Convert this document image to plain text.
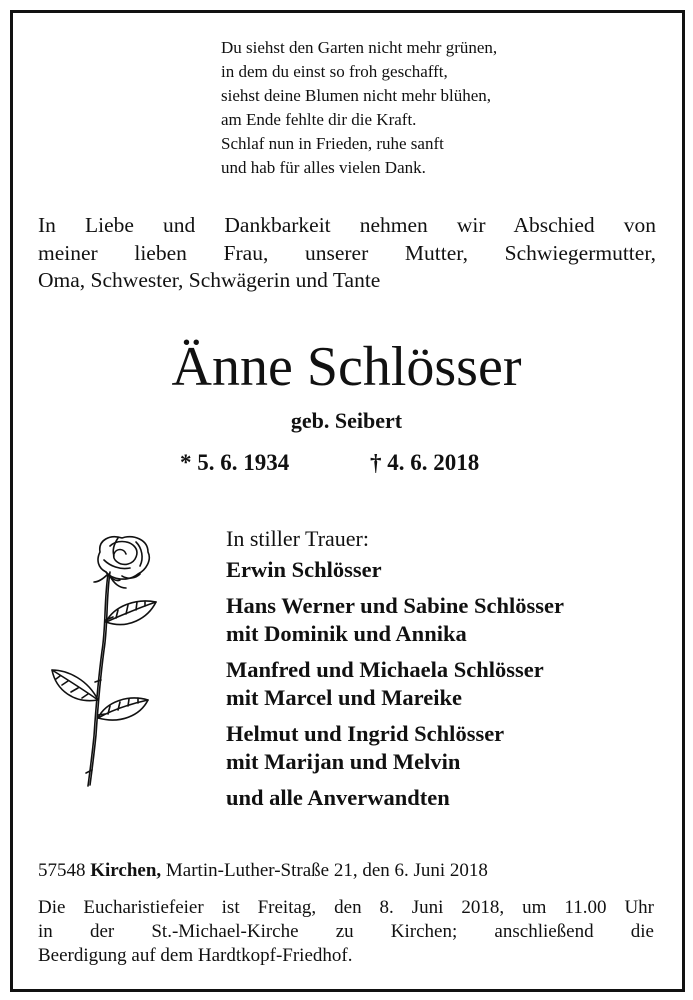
Du siehst den Garten nicht mehr grünen,
in dem du einst so froh geschafft,
siehst deine Blumen nicht mehr blühen,
am Ende fehlte dir die Kraft.
Schlaf nun in Frieden, ruhe sanft
und hab für alles vielen Dank.
In Liebe und Dankbarkeit nehmen wir Abschied von
meiner lieben Frau, unserer Mutter, Schwiegermutter,
Oma, Schwester, Schwägerin und Tante
Änne Schlösser
geb. Seibert
* 5. 6. 1934	† 4. 6. 2018
In stiller Trauer:
Erwin Schlösser
Hans Werner und Sabine Schlösser
mit Dominik und Annika
Manfred und Michaela Schlösser
mit Marcel und Mareike
Helmut und Ingrid Schlösser
mit Marijan und Melvin
und alle Anverwandten
57548 Kirchen, Martin-Luther-Straße 21, den 6. Juni 2018
Die Eucharistiefeier ist Freitag, den 8. Juni 2018, um 11.00 Uhr
in der St.-Michael-Kirche zu Kirchen; anschließend die
Beerdigung auf dem Hardtkopf-Friedhof.
